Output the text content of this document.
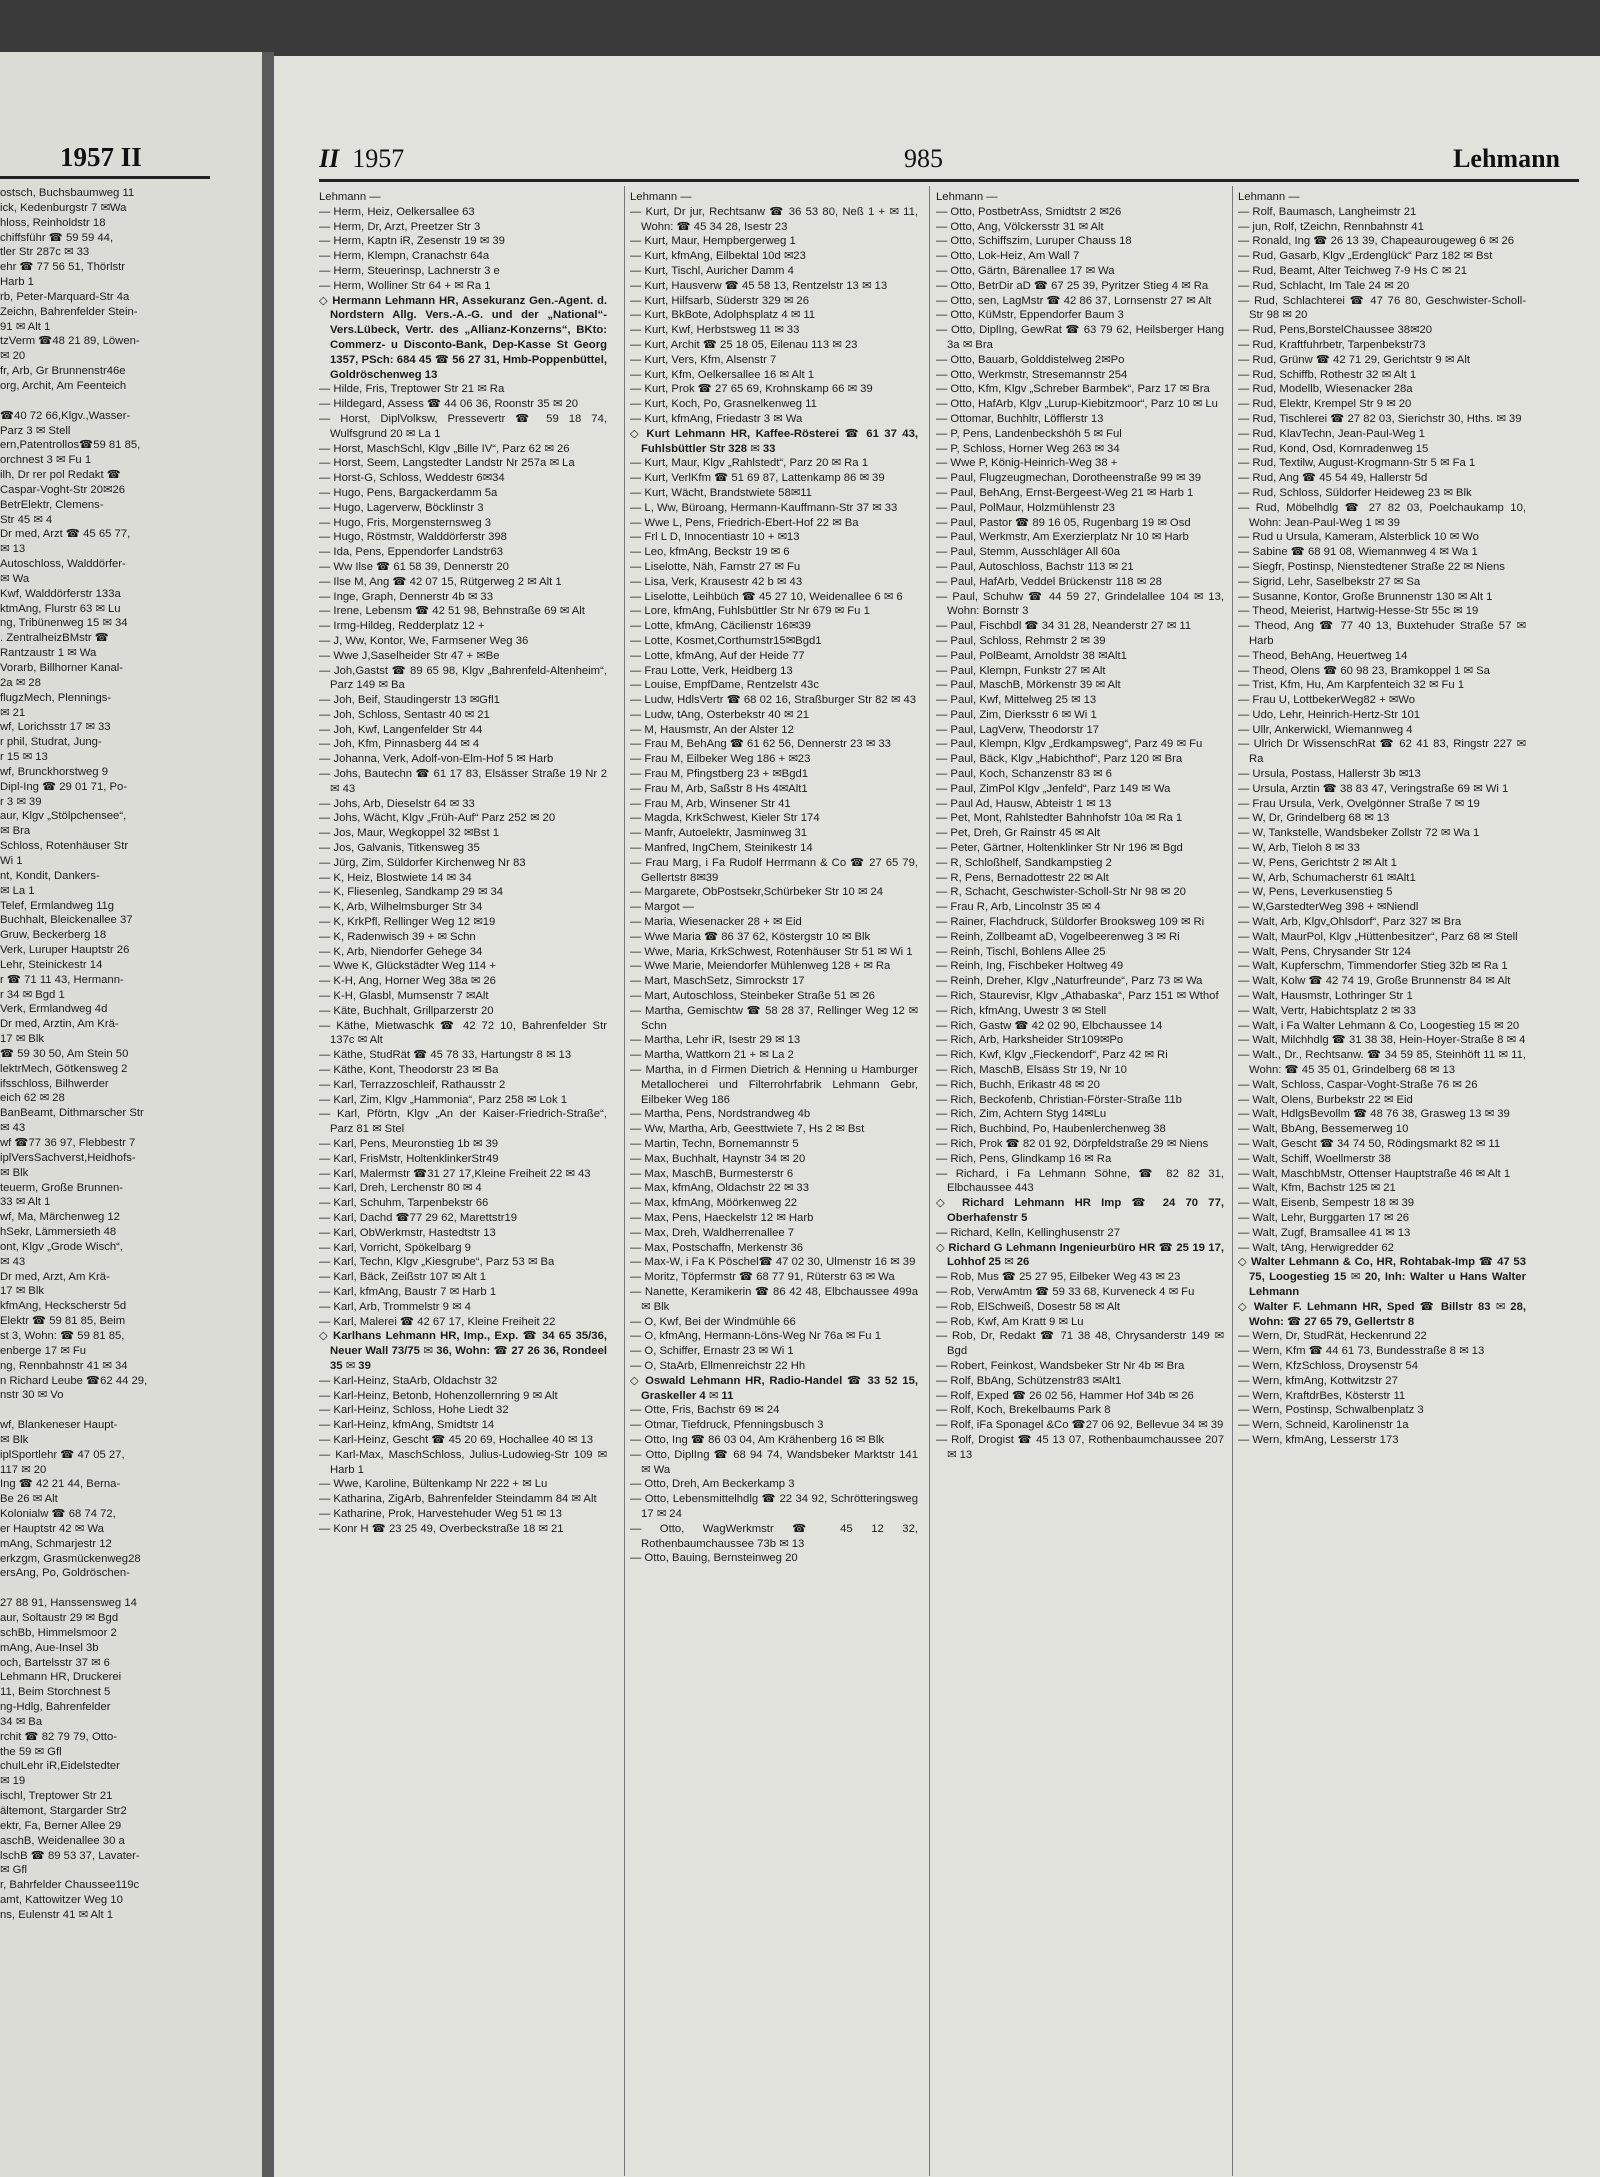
1957 II
ostsch, Buchsbaumweg 11
ick, Kedenburgstr 7 ✉Wa
hloss, Reinholdstr 18
chiffsführ ☎ 59 59 44,
tler Str 287c ✉ 33
ehr ☎ 77 56 51, Thörlstr
Harb 1
rb, Peter-Marquard-Str 4a
Zeichn, Bahrenfelder Stein-
91 ✉ Alt 1
tzVerm ☎48 21 89, Löwen-
✉ 20
fr, Arb, Gr Brunnenstr46e
org, Archit, Am Feenteich

☎40 72 66,Klgv.,Wasser-
Parz 3 ✉ Stell
ern,Patentrollos☎59 81 85,
orchnest 3 ✉ Fu 1
ilh, Dr rer pol Redakt ☎
Caspar-Voght-Str 20✉26
BetrElektr, Clemens-
Str 45 ✉ 4
Dr med, Arzt ☎ 45 65 77,
✉ 13
Autoschloss, Walddörfer-
✉ Wa
Kwf, Walddörferstr 133a
ktmAng, Flurstr 63 ✉ Lu
ng, Tribünenweg 15 ✉ 34
. ZentralheizBMstr ☎
Rantzaustr 1 ✉ Wa
Vorarb, Billhorner Kanal-
2a ✉ 28
flugzMech, Plennings-
✉ 21
wf, Lorichsstr 17 ✉ 33
r phil, Studrat, Jung-
r 15 ✉ 13
wf, Brunckhorstweg 9
Dipl-Ing ☎ 29 01 71, Po-
r 3 ✉ 39
aur, Klgv „Stölpchensee“,
✉ Bra
Schloss, Rotenhäuser Str
Wi 1
nt, Kondit, Dankers-
✉ La 1
Telef, Ermlandweg 11g
Buchhalt, Bleickenallee 37
Gruw, Beckerberg 18
Verk, Luruper Hauptstr 26
Lehr, Steinickestr 14
r ☎ 71 11 43, Hermann-
r 34 ✉ Bgd 1
Verk, Ermlandweg 4d
Dr med, Arztin, Am Krä-
17 ✉ Blk
☎ 59 30 50, Am Stein 50
lektrMech, Götkensweg 2
ifsschloss, Bilhwerder
eich 62 ✉ 28
BanBeamt, Dithmarscher Str
✉ 43
wf ☎77 36 97, Flebbestr 7
iplVersSachverst,Heidhofs-
✉ Blk
teuerm, Große Brunnen-
33 ✉ Alt 1
wf, Ma, Märchenweg 12
hSekr, Lämmersieth 48
ont, Klgv „Grode Wisch“,
✉ 43
Dr med, Arzt, Am Krä-
17 ✉ Blk
kfmAng, Heckscherstr 5d
Elektr ☎ 59 81 85, Beim
st 3, Wohn: ☎ 59 81 85,
enberge 17 ✉ Fu
ng, Rennbahnstr 41 ✉ 34
n Richard Leube ☎62 44 29,
nstr 30 ✉ Vo

wf, Blankeneser Haupt-
✉ Blk
iplSportlehr ☎ 47 05 27,
117 ✉ 20
Ing ☎ 42 21 44, Berna-
Be 26 ✉ Alt
Kolonialw ☎ 68 74 72,
er Hauptstr 42 ✉ Wa
mAng, Schmarjestr 12
erkzgm, Grasmückenweg28
ersAng, Po, Goldröschen-

27 88 91, Hanssensweg 14
aur, Soltaustr 29 ✉ Bgd
schBb, Himmelsmoor 2
mAng, Aue-Insel 3b
och, Bartelsstr 37 ✉ 6
Lehmann HR, Druckerei
11, Beim Storchnest 5
ng-Hdlg, Bahrenfelder
34 ✉ Ba
rchit ☎ 82 79 79, Otto-
the 59 ✉ Gfl
chulLehr iR,Eidelstedter
✉ 19
ischl, Treptower Str 21
ältemont, Stargarder Str2
ektr, Fa, Berner Allee 29
aschB, Weidenallee 30 a
lschB ☎ 89 53 37, Lavater-
✉ Gfl
r, Bahrfelder Chaussee119c
amt, Kattowitzer Weg 10
ns, Eulenstr 41 ✉ Alt 1
II 1957	985	Lehmann
Lehmann —
— Herm, Heiz, Oelkersallee 63
— Herm, Dr, Arzt, Preetzer Str 3
— Herm, Kaptn iR, Zesenstr 19 ✉ 39
— Herm, Klempn, Cranachstr 64a
— Herm, Steuerinsp, Lachnerstr 3 e
— Herm, Wolliner Str 64 + ✉ Ra 1
◇ Hermann Lehmann HR, Assekuranz Gen.-Agent. d. Nordstern Allg. Vers.-A.-G. und der „National“-Vers.Lübeck, Vertr. des „Allianz-Konzerns“, BKto: Commerz- u Disconto-Bank, Dep-Kasse St Georg 1357, PSch: 684 45 ☎ 56 27 31, Hmb-Poppenbüttel, Goldröschenweg 13
— Hilde, Fris, Treptower Str 21 ✉ Ra
— Hildegard, Assess ☎ 44 06 36, Roonstr 35 ✉ 20
— Horst, DiplVolksw, Pressevertr ☎ 59 18 74, Wulfsgrund 20 ✉ La 1
— Horst, MaschSchl, Klgv „Bille IV“, Parz 62 ✉ 26
— Horst, Seem, Langstedter Landstr Nr 257a ✉ La
— Horst-G, Schloss, Weddestr 6✉34
— Hugo, Pens, Bargackerdamm 5a
— Hugo, Lagerverw, Böcklinstr 3
— Hugo, Fris, Morgensternsweg 3
— Hugo, Röstmstr, Walddörferstr 398
— Ida, Pens, Eppendorfer Landstr63
— Ww Ilse ☎ 61 58 39, Dennerstr 20
— Ilse M, Ang ☎ 42 07 15, Rütgerweg 2 ✉ Alt 1
— Inge, Graph, Dennerstr 4b ✉ 33
— Irene, Lebensm ☎ 42 51 98, Behnstraße 69 ✉ Alt
— Irmg-Hildeg, Redderplatz 12 +
— J, Ww, Kontor, We, Farmsener Weg 36
— Wwe J,Saselheider Str 47 + ✉Be
— Joh,Gastst ☎ 89 65 98, Klgv „Bahrenfeld-Altenheim“, Parz 149 ✉ Ba
— Joh, Beif, Staudingerstr 13 ✉Gfl1
— Joh, Schloss, Sentastr 40 ✉ 21
— Joh, Kwf, Langenfelder Str 44
— Joh, Kfm, Pinnasberg 44 ✉ 4
— Johanna, Verk, Adolf-von-Elm-Hof 5 ✉ Harb
— Johs, Bautechn ☎ 61 17 83, Elsässer Straße 19 Nr 2 ✉ 43
— Johs, Arb, Dieselstr 64 ✉ 33
— Johs, Wächt, Klgv „Früh-Auf“ Parz 252 ✉ 20
— Jos, Maur, Wegkoppel 32 ✉Bst 1
— Jos, Galvanis, Titkensweg 35
— Jürg, Zim, Süldorfer Kirchenweg Nr 83
— K, Heiz, Blostwiete 14 ✉ 34
— K, Fliesenleg, Sandkamp 29 ✉ 34
— K, Arb, Wilhelmsburger Str 34
— K, KrkPfl, Rellinger Weg 12 ✉19
— K, Radenwisch 39 + ✉ Schn
— K, Arb, Niendorfer Gehege 34
— Wwe K, Glückstädter Weg 114 +
— K-H, Ang, Horner Weg 38a ✉ 26
— K-H, Glasbl, Mumsenstr 7 ✉Alt
— Käte, Buchhalt, Grillparzerstr 20
— Käthe, Mietwaschk ☎ 42 72 10, Bahrenfelder Str 137c ✉ Alt
— Käthe, StudRät ☎ 45 78 33, Hartungstr 8 ✉ 13
— Käthe, Kont, Theodorstr 23 ✉ Ba
— Karl, Terrazzoschleif, Rathausstr 2
— Karl, Zim, Klgv „Hammonia“, Parz 258 ✉ Lok 1
— Karl, Pförtn, Klgv „An der Kaiser-Friedrich-Straße“, Parz 81 ✉ Stel
— Karl, Pens, Meuronstieg 1b ✉ 39
— Karl, FrisMstr, HoltenklinkerStr49
— Karl, Malermstr ☎31 27 17,Kleine Freiheit 22 ✉ 43
— Karl, Dreh, Lerchenstr 80 ✉ 4
— Karl, Schuhm, Tarpenbekstr 66
— Karl, Dachd ☎77 29 62, Marettstr19
— Karl, ObWerkmstr, Hastedtstr 13
— Karl, Vorricht, Spökelbarg 9
— Karl, Techn, Klgv „Kiesgrube“, Parz 53 ✉ Ba
— Karl, Bäck, Zeißstr 107 ✉ Alt 1
— Karl, kfmAng, Baustr 7 ✉ Harb 1
— Karl, Arb, Trommelstr 9 ✉ 4
— Karl, Malerei ☎ 42 67 17, Kleine Freiheit 22
◇ Karlhans Lehmann HR, Imp., Exp. ☎ 34 65 35/36, Neuer Wall 73/75 ✉ 36, Wohn: ☎ 27 26 36, Rondeel 35 ✉ 39
— Karl-Heinz, StaArb, Oldachstr 32
— Karl-Heinz, Betonb, Hohenzollernring 9 ✉ Alt
— Karl-Heinz, Schloss, Hohe Liedt 32
— Karl-Heinz, kfmAng, Smidtstr 14
— Karl-Heinz, Gescht ☎ 45 20 69, Hochallee 40 ✉ 13
— Karl-Max, MaschSchloss, Julius-Ludowieg-Str 109 ✉ Harb 1
— Wwe, Karoline, Bültenkamp Nr 222 + ✉ Lu
— Katharina, ZigArb, Bahrenfelder Steindamm 84 ✉ Alt
— Katharine, Prok, Harvestehuder Weg 51 ✉ 13
— Konr H ☎ 23 25 49, Overbeckstraße 18 ✉ 21
Lehmann —
— Kurt, Dr jur, Rechtsanw ☎ 36 53 80, Neß 1 + ✉ 11, Wohn: ☎ 45 34 28, Isestr 23
— Kurt, Maur, Hempbergerweg 1
— Kurt, kfmAng, Eilbektal 10d ✉23
— Kurt, Tischl, Auricher Damm 4
— Kurt, Hausverw ☎ 45 58 13, Rentzelstr 13 ✉ 13
— Kurt, Hilfsarb, Süderstr 329 ✉ 26
— Kurt, BkBote, Adolphsplatz 4 ✉ 11
— Kurt, Kwf, Herbstsweg 11 ✉ 33
— Kurt, Archit ☎ 25 18 05, Eilenau 113 ✉ 23
— Kurt, Vers, Kfm, Alsenstr 7
— Kurt, Kfm, Oelkersallee 16 ✉ Alt 1
— Kurt, Prok ☎ 27 65 69, Krohnskamp 66 ✉ 39
— Kurt, Koch, Po, Grasnelkenweg 11
— Kurt, kfmAng, Friedastr 3 ✉ Wa
◇ Kurt Lehmann HR, Kaffee-Rösterei ☎ 61 37 43, Fuhlsbüttler Str 328 ✉ 33
— Kurt, Maur, Klgv „Rahlstedt“, Parz 20 ✉ Ra 1
— Kurt, VerlKfm ☎ 51 69 87, Lattenkamp 86 ✉ 39
— Kurt, Wächt, Brandstwiete 58✉11
— L, Ww, Büroang, Hermann-Kauffmann-Str 37 ✉ 33
— Wwe L, Pens, Friedrich-Ebert-Hof 22 ✉ Ba
— Frl L D, Innocentiastr 10 + ✉13
— Leo, kfmAng, Beckstr 19 ✉ 6
— Liselotte, Näh, Farnstr 27 ✉ Fu
— Lisa, Verk, Krausestr 42 b ✉ 43
— Liselotte, Leihbüch ☎ 45 27 10, Weidenallee 6 ✉ 6
— Lore, kfmAng, Fuhlsbüttler Str Nr 679 ✉ Fu 1
— Lotte, kfmAng, Cäcilienstr 16✉39
— Lotte, Kosmet,Corthumstr15✉Bgd1
— Lotte, kfmAng, Auf der Heide 77
— Frau Lotte, Verk, Heidberg 13
— Louise, EmpfDame, Rentzelstr 43c
— Ludw, HdlsVertr ☎ 68 02 16, Straßburger Str 82 ✉ 43
— Ludw, tAng, Osterbekstr 40 ✉ 21
— M, Hausmstr, An der Alster 12
— Frau M, BehAng ☎ 61 62 56, Dennerstr 23 ✉ 33
— Frau M, Eilbeker Weg 186 + ✉23
— Frau M, Pfingstberg 23 + ✉Bgd1
— Frau M, Arb, Saßstr 8 Hs 4✉Alt1
— Frau M, Arb, Winsener Str 41
— Magda, KrkSchwest, Kieler Str 174
— Manfr, Autoelektr, Jasminweg 31
— Manfred, IngChem, Steinikestr 14
— Frau Marg, i Fa Rudolf Herrmann & Co ☎ 27 65 79, Gellertstr 8✉39
— Margarete, ObPostsekr,Schürbeker Str 10 ✉ 24
— Margot —
— Maria, Wiesenacker 28 + ✉ Eid
— Wwe Maria ☎ 86 37 62, Köstergstr 10 ✉ Blk
— Wwe, Maria, KrkSchwest, Rotenhäuser Str 51 ✉ Wi 1
— Wwe Marie, Meiendorfer Mühlenweg 128 + ✉ Ra
— Mart, MaschSetz, Simrockstr 17
— Mart, Autoschloss, Steinbeker Straße 51 ✉ 26
— Martha, Gemischtw ☎ 58 28 37, Rellinger Weg 12 ✉ Schn
— Martha, Lehr iR, Isestr 29 ✉ 13
— Martha, Wattkorn 21 + ✉ La 2
— Martha, in d Firmen Dietrich & Henning u Hamburger Metallocherei und Filterrohrfabrik Lehmann Gebr, Eilbeker Weg 186
— Martha, Pens, Nordstrandweg 4b
— Ww, Martha, Arb, Geesttwiete 7, Hs 2 ✉ Bst
— Martin, Techn, Bornemannstr 5
— Max, Buchhalt, Haynstr 34 ✉ 20
— Max, MaschB, Burmesterstr 6
— Max, kfmAng, Oldachstr 22 ✉ 33
— Max, kfmAng, Möörkenweg 22
— Max, Pens, Haeckelstr 12 ✉ Harb
— Max, Dreh, Waldherrenallee 7
— Max, Postschaffn, Merkenstr 36
— Max-W, i Fa K Pöschel☎ 47 02 30, Ulmenstr 16 ✉ 39
— Moritz, Töpfermstr ☎ 68 77 91, Rüterstr 63 ✉ Wa
— Nanette, Keramikerin ☎ 86 42 48, Elbchaussee 499a ✉ Blk
— O, Kwf, Bei der Windmühle 66
— O, kfmAng, Hermann-Löns-Weg Nr 76a ✉ Fu 1
— O, Schiffer, Ernastr 23 ✉ Wi 1
— O, StaArb, Ellmenreichstr 22 Hh
◇ Oswald Lehmann HR, Radio-Handel ☎ 33 52 15, Graskeller 4 ✉ 11
— Otte, Fris, Bachstr 69 ✉ 24
— Otmar, Tiefdruck, Pfenningsbusch 3
— Otto, Ing ☎ 86 03 04, Am Krähenberg 16 ✉ Blk
— Otto, DiplIng ☎ 68 94 74, Wandsbeker Marktstr 141 ✉ Wa
— Otto, Dreh, Am Beckerkamp 3
— Otto, Lebensmittelhdlg ☎ 22 34 92, Schrötteringsweg 17 ✉ 24
— Otto, WagWerkmstr ☎ 45 12 32, Rothenbaumchaussee 73b ✉ 13
— Otto, Bauing, Bernsteinweg 20
Lehmann —
— Otto, PostbetrAss, Smidtstr 2 ✉26
— Otto, Ang, Völckersstr 31 ✉ Alt
— Otto, Schiffszim, Luruper Chauss 18
— Otto, Lok-Heiz, Am Wall 7
— Otto, Gärtn, Bärenallee 17 ✉ Wa
— Otto, BetrDir aD ☎ 67 25 39, Pyritzer Stieg 4 ✉ Ra
— Otto, sen, LagMstr ☎ 42 86 37, Lornsenstr 27 ✉ Alt
— Otto, KüMstr, Eppendorfer Baum 3
— Otto, DiplIng, GewRat ☎ 63 79 62, Heilsberger Hang 3a ✉ Bra
— Otto, Bauarb, Golddistelweg 2✉Po
— Otto, Werkmstr, Stresemannstr 254
— Otto, Kfm, Klgv „Schreber Barmbek“, Parz 17 ✉ Bra
— Otto, HafArb, Klgv „Lurup-Kiebitzmoor“, Parz 10 ✉ Lu
— Ottomar, Buchhltr, Löfflerstr 13
— P, Pens, Landenbeckshöh 5 ✉ Ful
— P, Schloss, Horner Weg 263 ✉ 34
— Wwe P, König-Heinrich-Weg 38 +
— Paul, Flugzeugmechan, Dorotheenstraße 99 ✉ 39
— Paul, BehAng, Ernst-Bergeest-Weg 21 ✉ Harb 1
— Paul, PolMaur, Holzmühlenstr 23
— Paul, Pastor ☎ 89 16 05, Rugenbarg 19 ✉ Osd
— Paul, Werkmstr, Am Exerzierplatz Nr 10 ✉ Harb
— Paul, Stemm, Ausschläger All 60a
— Paul, Autoschloss, Bachstr 113 ✉ 21
— Paul, HafArb, Veddel Brückenstr 118 ✉ 28
— Paul, Schuhw ☎ 44 59 27, Grindelallee 104 ✉ 13, Wohn: Bornstr 3
— Paul, Fischbdl ☎ 34 31 28, Neanderstr 27 ✉ 11
— Paul, Schloss, Rehmstr 2 ✉ 39
— Paul, PolBeamt, Arnoldstr 38 ✉Alt1
— Paul, Klempn, Funkstr 27 ✉ Alt
— Paul, MaschB, Mörkenstr 39 ✉ Alt
— Paul, Kwf, Mittelweg 25 ✉ 13
— Paul, Zim, Dierksstr 6 ✉ Wi 1
— Paul, LagVerw, Theodorstr 17
— Paul, Klempn, Klgv „Erdkampsweg“, Parz 49 ✉ Fu
— Paul, Bäck, Klgv „Habichthof“, Parz 120 ✉ Bra
— Paul, Koch, Schanzenstr 83 ✉ 6
— Paul, ZimPol Klgv „Jenfeld“, Parz 149 ✉ Wa
— Paul Ad, Hausw, Abteistr 1 ✉ 13
— Pet, Mont, Rahlstedter Bahnhofstr 10a ✉ Ra 1
— Pet, Dreh, Gr Rainstr 45 ✉ Alt
— Peter, Gärtner, Holtenklinker Str Nr 196 ✉ Bgd
— R, Schloßhelf, Sandkampstieg 2
— R, Pens, Bernadottestr 22 ✉ Alt
— R, Schacht, Geschwister-Scholl-Str Nr 98 ✉ 20
— Frau R, Arb, Lincolnstr 35 ✉ 4
— Rainer, Flachdruck, Süldorfer Brooksweg 109 ✉ Ri
— Reinh, Zollbeamt aD, Vogelbeerenweg 3 ✉ Ri
— Reinh, Tischl, Bohlens Allee 25
— Reinh, Ing, Fischbeker Holtweg 49
— Reinh, Dreher, Klgv „Naturfreunde“, Parz 73 ✉ Wa
— Rich, Staurevisr, Klgv „Athabaska“, Parz 151 ✉ Wthof
— Rich, kfmAng, Uwestr 3 ✉ Stell
— Rich, Gastw ☎ 42 02 90, Elbchaussee 14
— Rich, Arb, Harksheider Str109✉Po
— Rich, Kwf, Klgv „Fieckendorf“, Parz 42 ✉ Ri
— Rich, MaschB, Elsäss Str 19, Nr 10
— Rich, Buchh, Erikastr 48 ✉ 20
— Rich, Beckofenb, Christian-Förster-Straße 11b
— Rich, Zim, Achtern Styg 14✉Lu
— Rich, Buchbind, Po, Haubenlerchenweg 38
— Rich, Prok ☎ 82 01 92, Dörpfeldstraße 29 ✉ Niens
— Rich, Pens, Glindkamp 16 ✉ Ra
— Richard, i Fa Lehmann Söhne, ☎ 82 82 31, Elbchaussee 443
◇ Richard Lehmann HR Imp ☎ 24 70 77, Oberhafenstr 5
— Richard, Kelln, Kellinghusenstr 27
◇ Richard G Lehmann Ingenieurbüro HR ☎ 25 19 17, Lohhof 25 ✉ 26
— Rob, Mus ☎ 25 27 95, Eilbeker Weg 43 ✉ 23
— Rob, VerwAmtm ☎ 59 33 68, Kurveneck 4 ✉ Fu
— Rob, ElSchweiß, Dosestr 58 ✉ Alt
— Rob, Kwf, Am Kratt 9 ✉ Lu
— Rob, Dr, Redakt ☎ 71 38 48, Chrysanderstr 149 ✉ Bgd
— Robert, Feinkost, Wandsbeker Str Nr 4b ✉ Bra
— Rolf, BbAng, Schützenstr83 ✉Alt1
— Rolf, Exped ☎ 26 02 56, Hammer Hof 34b ✉ 26
— Rolf, Koch, Brekelbaums Park 8
— Rolf, iFa Sponagel &Co ☎27 06 92, Bellevue 34 ✉ 39
— Rolf, Drogist ☎ 45 13 07, Rothenbaumchaussee 207 ✉ 13
Lehmann —
— Rolf, Baumasch, Langheimstr 21
— jun, Rolf, tZeichn, Rennbahnstr 41
— Ronald, Ing ☎ 26 13 39, Chapeaurougeweg 6 ✉ 26
— Rud, Gasarb, Klgv „Erdenglück“ Parz 182 ✉ Bst
— Rud, Beamt, Alter Teichweg 7-9 Hs C ✉ 21
— Rud, Schlacht, Im Tale 24 ✉ 20
— Rud, Schlachterei ☎ 47 76 80, Geschwister-Scholl-Str 98 ✉ 20
— Rud, Pens,BorstelChaussee 38✉20
— Rud, Kraftfuhrbetr, Tarpenbekstr73
— Rud, Grünw ☎ 42 71 29, Gerichtstr 9 ✉ Alt
— Rud, Schiffb, Rothestr 32 ✉ Alt 1
— Rud, Modellb, Wiesenacker 28a
— Rud, Elektr, Krempel Str 9 ✉ 20
— Rud, Tischlerei ☎ 27 82 03, Sierichstr 30, Hths. ✉ 39
— Rud, KlavTechn, Jean-Paul-Weg 1
— Rud, Kond, Osd, Kornradenweg 15
— Rud, Textilw, August-Krogmann-Str 5 ✉ Fa 1
— Rud, Ang ☎ 45 54 49, Hallerstr 5d
— Rud, Schloss, Süldorfer Heideweg 23 ✉ Blk
— Rud, Möbelhdlg ☎ 27 82 03, Poelchaukamp 10, Wohn: Jean-Paul-Weg 1 ✉ 39
— Rud u Ursula, Kameram, Alsterblick 10 ✉ Wo
— Sabine ☎ 68 91 08, Wiemannweg 4 ✉ Wa 1
— Siegfr, Postinsp, Nienstedtener Straße 22 ✉ Niens
— Sigrid, Lehr, Saselbekstr 27 ✉ Sa
— Susanne, Kontor, Große Brunnenstr 130 ✉ Alt 1
— Theod, Meierist, Hartwig-Hesse-Str 55c ✉ 19
— Theod, Ang ☎ 77 40 13, Buxtehuder Straße 57 ✉ Harb
— Theod, BehAng, Heuertweg 14
— Theod, Olens ☎ 60 98 23, Bramkoppel 1 ✉ Sa
— Trist, Kfm, Hu, Am Karpfenteich 32 ✉ Fu 1
— Frau U, LottbekerWeg82 + ✉Wo
— Udo, Lehr, Heinrich-Hertz-Str 101
— Ullr, Ankerwickl, Wiemannweg 4
— Ulrich Dr WissenschRat ☎ 62 41 83, Ringstr 227 ✉ Ra
— Ursula, Postass, Hallerstr 3b ✉13
— Ursula, Arztin ☎ 38 83 47, Veringstraße 69 ✉ Wi 1
— Frau Ursula, Verk, Ovelgönner Straße 7 ✉ 19
— W, Dr, Grindelberg 68 ✉ 13
— W, Tankstelle, Wandsbeker Zollstr 72 ✉ Wa 1
— W, Arb, Tieloh 8 ✉ 33
— W, Pens, Gerichtstr 2 ✉ Alt 1
— W, Arb, Schumacherstr 61 ✉Alt1
— W, Pens, Leverkusenstieg 5
— W,GarstedterWeg 398 + ✉Niendl
— Walt, Arb, Klgv„Ohlsdorf“, Parz 327 ✉ Bra
— Walt, MaurPol, Klgv „Hüttenbesitzer“, Parz 68 ✉ Stell
— Walt, Pens, Chrysander Str 124
— Walt, Kupferschm, Timmendorfer Stieg 32b ✉ Ra 1
— Walt, Kolw ☎ 42 74 19, Große Brunnenstr 84 ✉ Alt
— Walt, Hausmstr, Lothringer Str 1
— Walt, Vertr, Habichtsplatz 2 ✉ 33
— Walt, i Fa Walter Lehmann & Co, Loogestieg 15 ✉ 20
— Walt, Milchhdlg ☎ 31 38 38, Hein-Hoyer-Straße 8 ✉ 4
— Walt., Dr., Rechtsanw. ☎ 34 59 85, Steinhöft 11 ✉ 11, Wohn: ☎ 45 35 01, Grindelberg 68 ✉ 13
— Walt, Schloss, Caspar-Voght-Straße 76 ✉ 26
— Walt, Olens, Burbekstr 22 ✉ Eid
— Walt, HdlgsBevollm ☎ 48 76 38, Grasweg 13 ✉ 39
— Walt, BbAng, Bessemerweg 10
— Walt, Gescht ☎ 34 74 50, Rödingsmarkt 82 ✉ 11
— Walt, Schiff, Woellmerstr 38
— Walt, MaschbMstr, Ottenser Hauptstraße 46 ✉ Alt 1
— Walt, Kfm, Bachstr 125 ✉ 21
— Walt, Eisenb, Sempestr 18 ✉ 39
— Walt, Lehr, Burggarten 17 ✉ 26
— Walt, Zugf, Bramsallee 41 ✉ 13
— Walt, tAng, Herwigredder 62
◇ Walter Lehmann & Co, HR, Rohtabak-Imp ☎ 47 53 75, Loogestieg 15 ✉ 20, Inh: Walter u Hans Walter Lehmann
◇ Walter F. Lehmann HR, Sped ☎ Billstr 83 ✉ 28, Wohn: ☎ 27 65 79, Gellertstr 8
— Wern, Dr, StudRät, Heckenrund 22
— Wern, Kfm ☎ 44 61 73, Bundesstraße 8 ✉ 13
— Wern, KfzSchloss, Droysenstr 54
— Wern, kfmAng, Kottwitzstr 27
— Wern, KraftdrBes, Kösterstr 11
— Wern, Postinsp, Schwalbenplatz 3
— Wern, Schneid, Karolinenstr 1a
— Wern, kfmAng, Lesserstr 173
